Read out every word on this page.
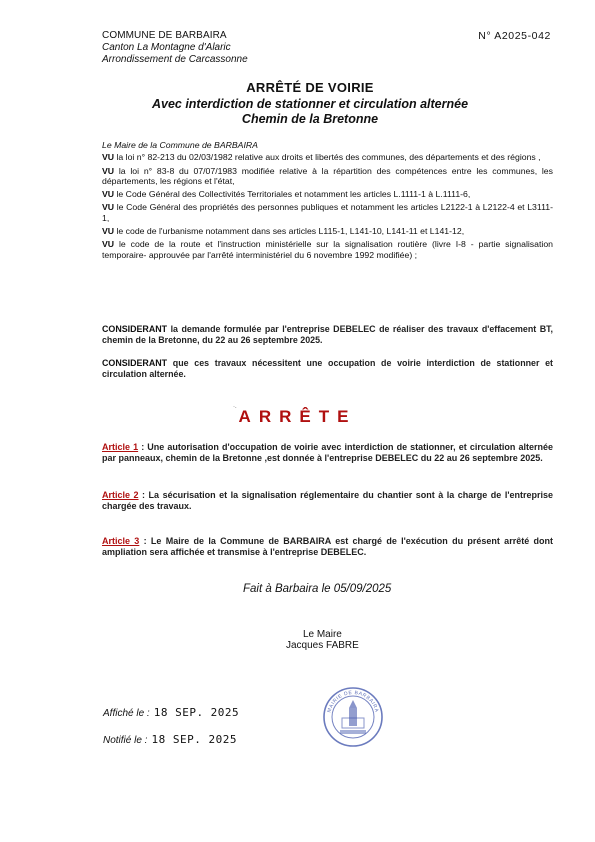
COMMUNE DE BARBAIRA
Canton La Montagne d'Alaric
Arrondissement de Carcassonne
N° A2025-042
ARRÊTÉ DE VOIRIE
Avec interdiction de stationner et circulation alternée
Chemin de la Bretonne

Le Maire de la Commune de BARBAIRA

VU la loi n° 82-213 du 02/03/1982 relative aux droits et libertés des communes, des départements et des régions ,

VU la loi n° 83-8 du 07/07/1983 modifiée relative à la répartition des compétences entre les communes, les départements, les régions et l'état,

VU le Code Général des Collectivités Territoriales et notamment les articles L.1111-1 à L.1111-6,

VU le Code Général des propriétés des personnes publiques et notamment les articles L2122-1 à L2122-4 et L3111-1,

VU le code de l'urbanisme notamment dans ses articles L115-1, L141-10, L141-11 et L141-12,

VU le code de la route et l'instruction ministérielle sur la signalisation routière (livre I-8 - partie signalisation temporaire- approuvée par l'arrêté interministériel du 6 novembre 1992 modifiée) ;

CONSIDERANT la demande formulée par l'entreprise DEBELEC de réaliser des travaux d'effacement BT, chemin de la Bretonne, du 22 au 26 septembre 2025.

CONSIDERANT que ces travaux nécessitent une occupation de voirie interdiction de stationner et circulation alternée.

·. ARRÊTE

Article 1 : Une autorisation d'occupation de voirie avec interdiction de stationner, et circulation alternée par panneaux, chemin de la Bretonne ,est donnée à l'entreprise DEBELEC du 22 au 26 septembre 2025.

Article 2 : La sécurisation et la signalisation réglementaire du chantier sont à la charge de l'entreprise chargée des travaux.

Article 3 : Le Maire de la Commune de BARBAIRA est chargé de l'exécution du présent arrêté dont ampliation sera affichée et transmise à l'entreprise DEBELEC.

Fait à Barbaira le 05/09/2025
Le Maire
Jacques FABRE
MAIRIE DE BARBAIRA
Affiché le : 18 SEP. 2025
Notifié le : 18 SEP. 2025
